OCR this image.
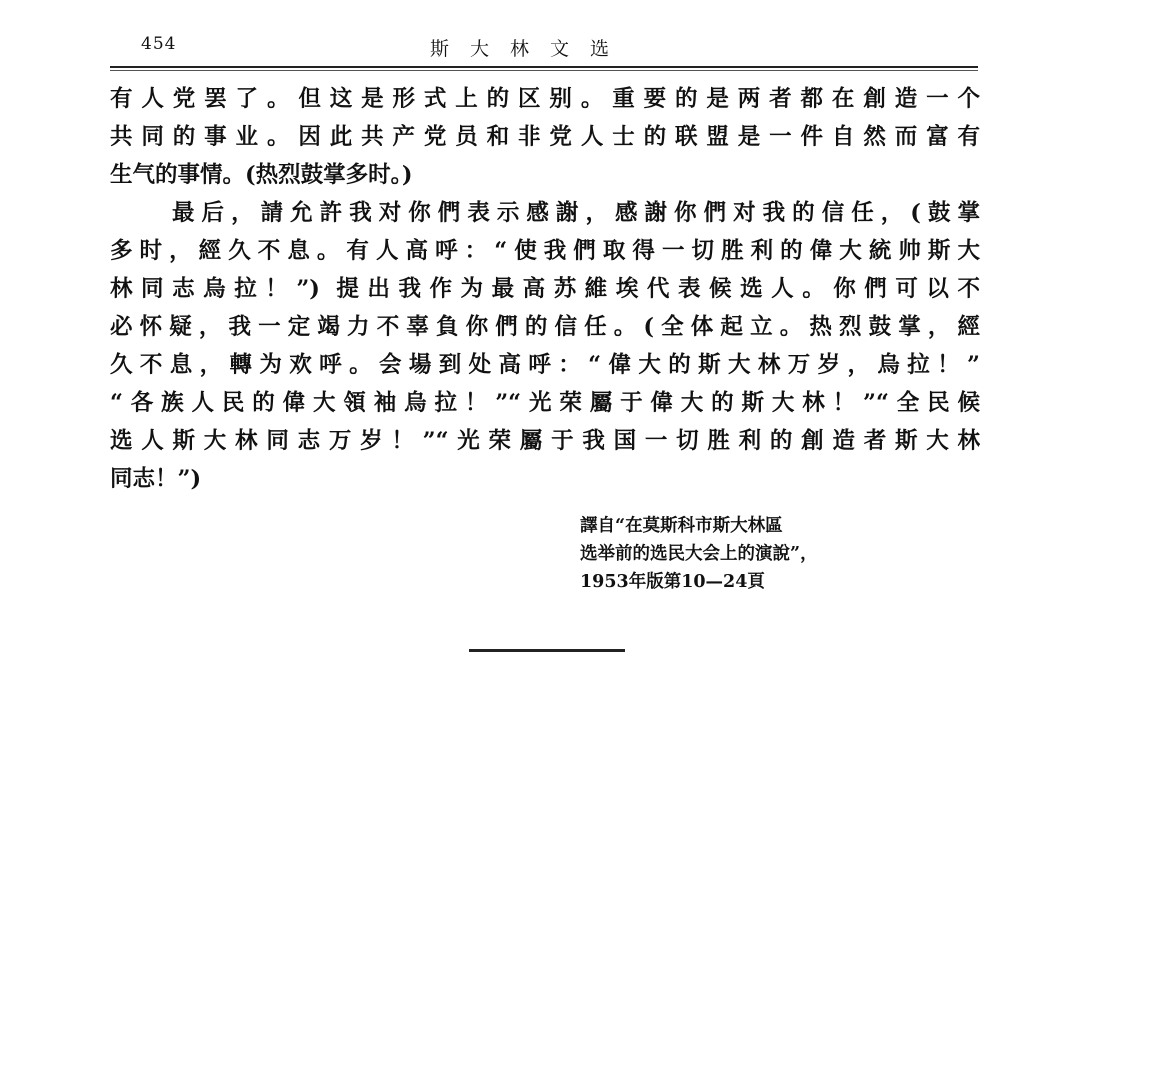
454	斯大林文选
有人党罢了。但这是形式上的区别。重要的是两者都在創造一个
共同的事业。因此共产党员和非党人士的联盟是一件自然而富有
生气的事情。(热烈鼓掌多时。)
最后，請允許我对你們表示感謝，感謝你們对我的信任，(鼓掌
多时，經久不息。有人高呼：“使我們取得一切胜利的偉大統帅斯大
林同志烏拉！”) 提出我作为最高苏維埃代表候选人。你們可以不
必怀疑，我一定竭力不辜負你們的信任。(全体起立。热烈鼓掌，經
久不息，轉为欢呼。会場到处高呼：“偉大的斯大林万岁，烏拉！”
“各族人民的偉大領袖烏拉！”“光荣屬于偉大的斯大林！”“全民候
选人斯大林同志万岁！”“光荣屬于我国一切胜利的創造者斯大林
同志！”)
譯自“在莫斯科市斯大林區
选举前的选民大会上的演說”，
1953年版第10—24頁
